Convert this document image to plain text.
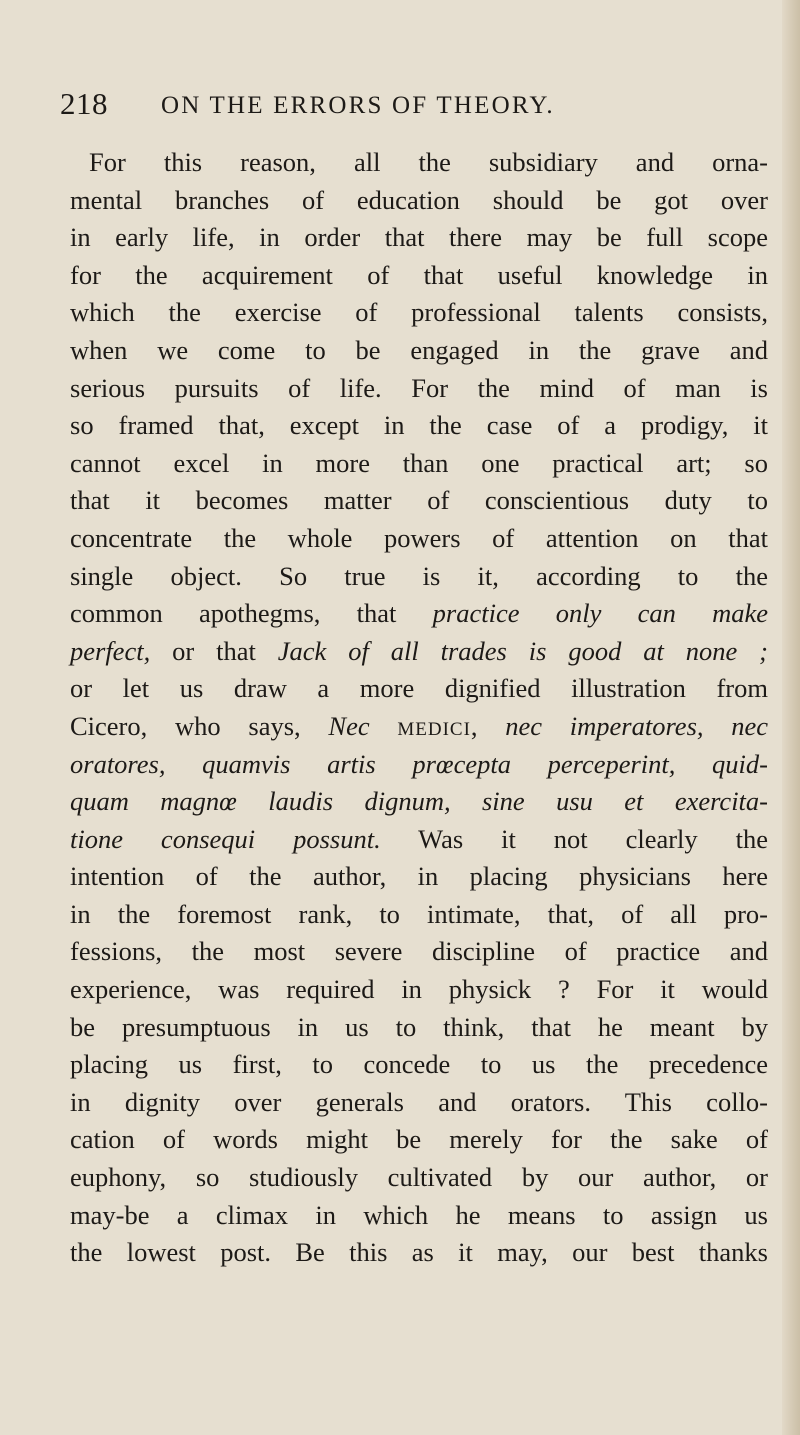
218 ON THE ERRORS OF THEORY.
For this reason, all the subsidiary and orna-
mental branches of education should be got over
in early life, in order that there may be full scope
for the acquirement of that useful knowledge in
which the exercise of professional talents consists,
when we come to be engaged in the grave and
serious pursuits of life. For the mind of man is
so framed that, except in the case of a prodigy, it
cannot excel in more than one practical art; so
that it becomes matter of conscientious duty to
concentrate the whole powers of attention on that
single object. So true is it, according to the
common apothegms, that practice only can make
perfect, or that Jack of all trades is good at none ;
or let us draw a more dignified illustration from
Cicero, who says, Nec medici, nec imperatores, nec
oratores, quamvis artis prœcepta perceperint, quid-
quam magnœ laudis dignum, sine usu et exercita-
tione consequi possunt. Was it not clearly the
intention of the author, in placing physicians here
in the foremost rank, to intimate, that, of all pro-
fessions, the most severe discipline of practice and
experience, was required in physick ? For it would
be presumptuous in us to think, that he meant by
placing us first, to concede to us the precedence
in dignity over generals and orators. This collo-
cation of words might be merely for the sake of
euphony, so studiously cultivated by our author, or
may-be a climax in which he means to assign us
the lowest post. Be this as it may, our best thanks
